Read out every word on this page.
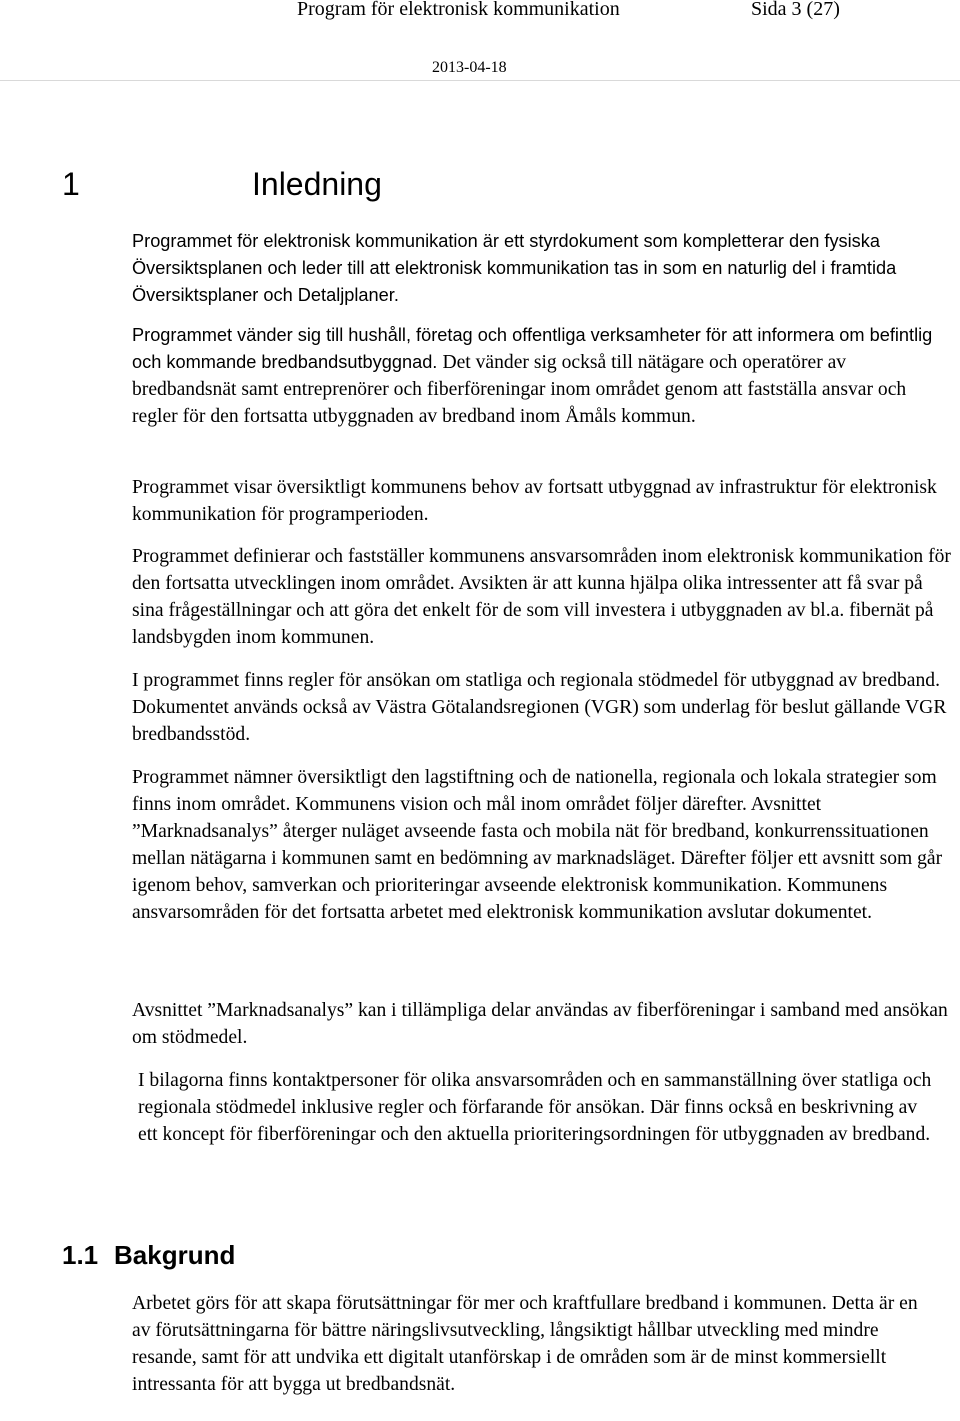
Program för elektronisk kommunikation	Sida 3 (27)
2013-04-18
1	Inledning

Programmet för elektronisk kommunikation är ett styrdokument som kompletterar den fysiska Översiktsplanen och leder till att elektronisk kommunikation tas in som en naturlig del i framtida Översiktsplaner och Detaljplaner.

Programmet vänder sig till hushåll, företag och offentliga verksamheter för att informera om befintlig och kommande bredbandsutbyggnad. Det vänder sig också till nätägare och operatörer av bredbandsnät samt entreprenörer och fiberföreningar inom området genom att fastställa ansvar och regler för den fortsatta utbyggnaden av bredband inom Åmåls kommun.

Programmet visar översiktligt kommunens behov av fortsatt utbyggnad av infrastruktur för elektronisk kommunikation för programperioden.

Programmet definierar och fastställer kommunens ansvarsområden inom elektronisk kommunikation för den fortsatta utvecklingen inom området. Avsikten är att kunna hjälpa olika intressenter att få svar på sina frågeställningar och att göra det enkelt för de som vill investera i utbyggnaden av bl.a. fibernät på landsbygden inom kommunen.

I programmet finns regler för ansökan om statliga och regionala stödmedel för utbyggnad av bredband. Dokumentet används också av Västra Götalandsregionen (VGR) som underlag för beslut gällande VGR bredbandsstöd.

Programmet nämner översiktligt den lagstiftning och de nationella, regionala och lokala strategier som finns inom området. Kommunens vision och mål inom området följer därefter. Avsnittet ”Marknadsanalys” återger nuläget avseende fasta och mobila nät för bredband, konkurrenssituationen mellan nätägarna i kommunen samt en bedömning av marknadsläget. Därefter följer ett avsnitt som går igenom behov, samverkan och prioriteringar avseende elektronisk kommunikation. Kommunens ansvarsområden för det fortsatta arbetet med elektronisk kommunikation avslutar dokumentet.

Avsnittet ”Marknadsanalys” kan i tillämpliga delar användas av fiberföreningar i samband med ansökan om stödmedel.

I bilagorna finns kontaktpersoner för olika ansvarsområden och en sammanställning över statliga och regionala stödmedel inklusive regler och förfarande för ansökan. Där finns också en beskrivning av ett koncept för fiberföreningar och den aktuella prioriteringsordningen för utbyggnaden av bredband.

1.1 Bakgrund

Arbetet görs för att skapa förutsättningar för mer och kraftfullare bredband i kommunen. Detta är en av förutsättningarna för bättre näringslivsutveckling, långsiktigt hållbar utveckling med mindre resande, samt för att undvika ett digitalt utanförskap i de områden som är de minst kommersiellt intressanta för att bygga ut bredbandsnät.
